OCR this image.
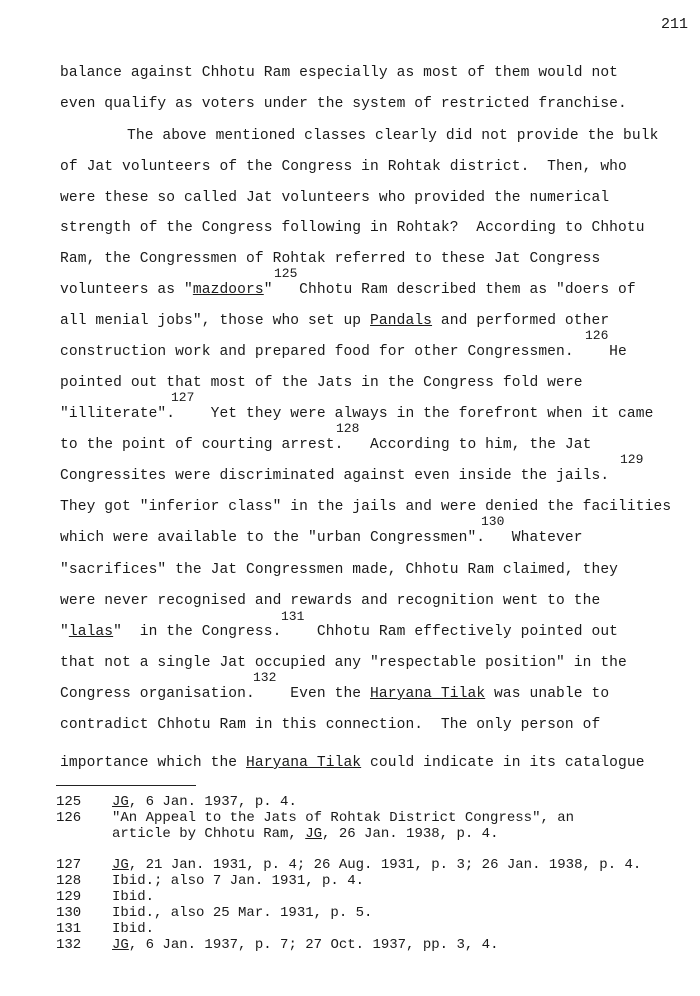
211
balance against Chhotu Ram especially as most of them would not
even qualify as voters under the system of restricted franchise.
The above mentioned classes clearly did not provide the bulk
of Jat volunteers of the Congress in Rohtak district.  Then, who
were these so called Jat volunteers who provided the numerical
strength of the Congress following in Rohtak?  According to Chhotu
Ram, the Congressmen of Rohtak referred to these Jat Congress
125
volunteers as "mazdoors"   Chhotu Ram described them as "doers of
all menial jobs", those who set up Pandals and performed other
126
construction work and prepared food for other Congressmen.    He
pointed out that most of the Jats in the Congress fold were
127
"illiterate".    Yet they were always in the forefront when it came
128
to the point of courting arrest.   According to him, the Jat
129
Congressites were discriminated against even inside the jails.
They got "inferior class" in the jails and were denied the facilities
130
which were available to the "urban Congressmen".   Whatever
"sacrifices" the Jat Congressmen made, Chhotu Ram claimed, they
were never recognised and rewards and recognition went to the
131
"lalas"  in the Congress.    Chhotu Ram effectively pointed out
that not a single Jat occupied any "respectable position" in the
132
Congress organisation.    Even the Haryana Tilak was unable to
contradict Chhotu Ram in this connection.  The only person of
importance which the Haryana Tilak could indicate in its catalogue
125 JG, 6 Jan. 1937, p. 4.
126 "An Appeal to the Jats of Rohtak District Congress", an
article by Chhotu Ram, JG, 26 Jan. 1938, p. 4.
127 JG, 21 Jan. 1931, p. 4; 26 Aug. 1931, p. 3; 26 Jan. 1938, p. 4.
128 Ibid.; also 7 Jan. 1931, p. 4.
129 Ibid.
130 Ibid., also 25 Mar. 1931, p. 5.
131 Ibid.
132 JG, 6 Jan. 1937, p. 7; 27 Oct. 1937, pp. 3, 4.
